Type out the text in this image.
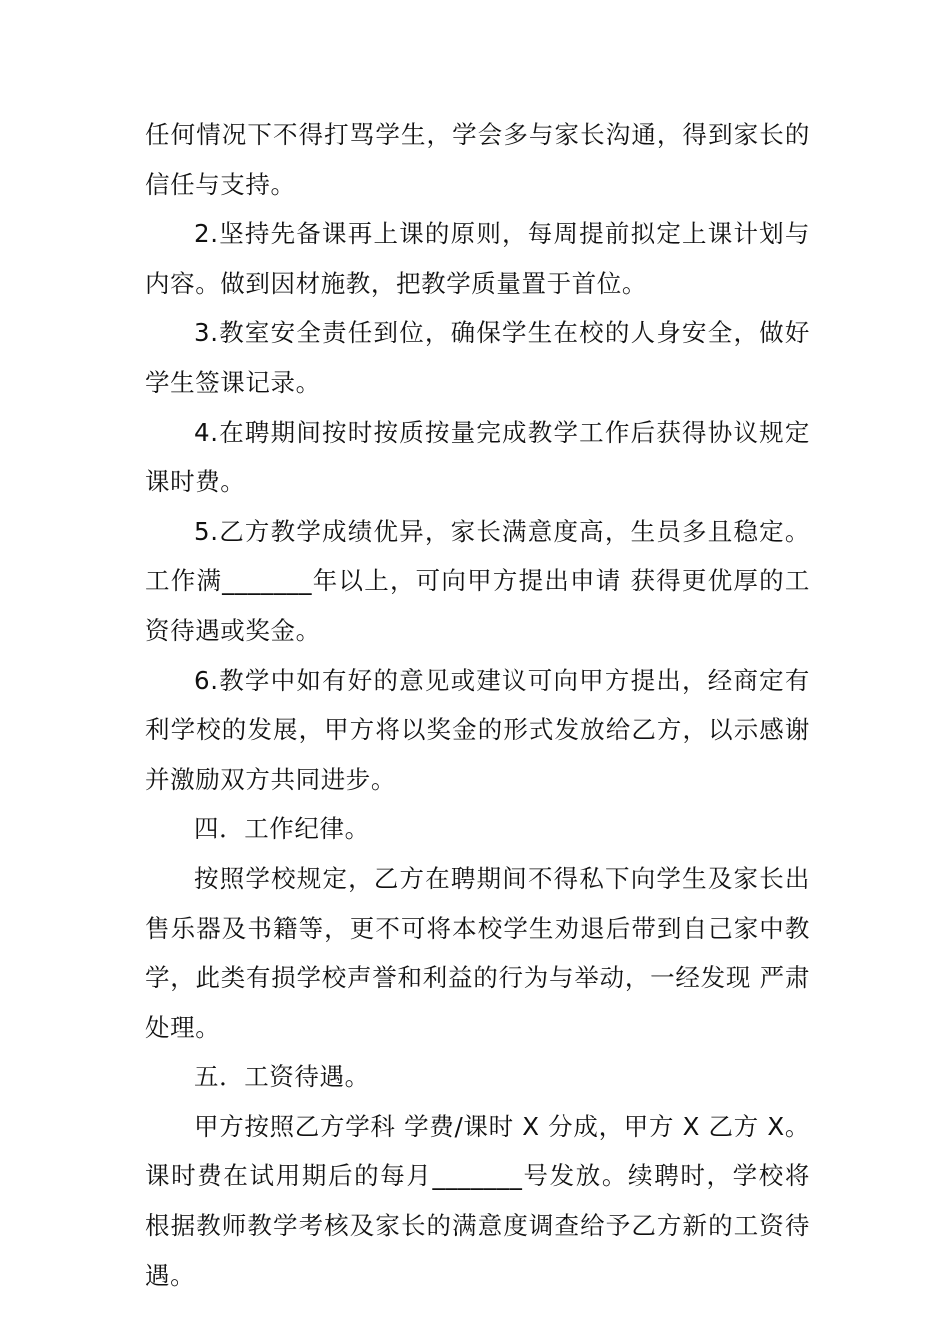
任何情况下不得打骂学生，学会多与家长沟通，得到家长的信任与支持。

2.坚持先备课再上课的原则，每周提前拟定上课计划与内容。做到因材施教，把教学质量置于首位。

3.教室安全责任到位，确保学生在校的人身安全，做好学生签课记录。

4.在聘期间按时按质按量完成教学工作后获得协议规定课时费。

5.乙方教学成绩优异，家长满意度高，生员多且稳定。工作满_______年以上，可向甲方提出申请 获得更优厚的工资待遇或奖金。

6.教学中如有好的意见或建议可向甲方提出，经商定有利学校的发展，甲方将以奖金的形式发放给乙方，以示感谢并激励双方共同进步。

四．工作纪律。

按照学校规定，乙方在聘期间不得私下向学生及家长出售乐器及书籍等，更不可将本校学生劝退后带到自己家中教学，此类有损学校声誉和利益的行为与举动，一经发现 严肃处理。

五．工资待遇。

甲方按照乙方学科 学费/课时 X 分成，甲方 X 乙方 X。课时费在试用期后的每月_______号发放。续聘时，学校将根据教师教学考核及家长的满意度调查给予乙方新的工资待遇。
